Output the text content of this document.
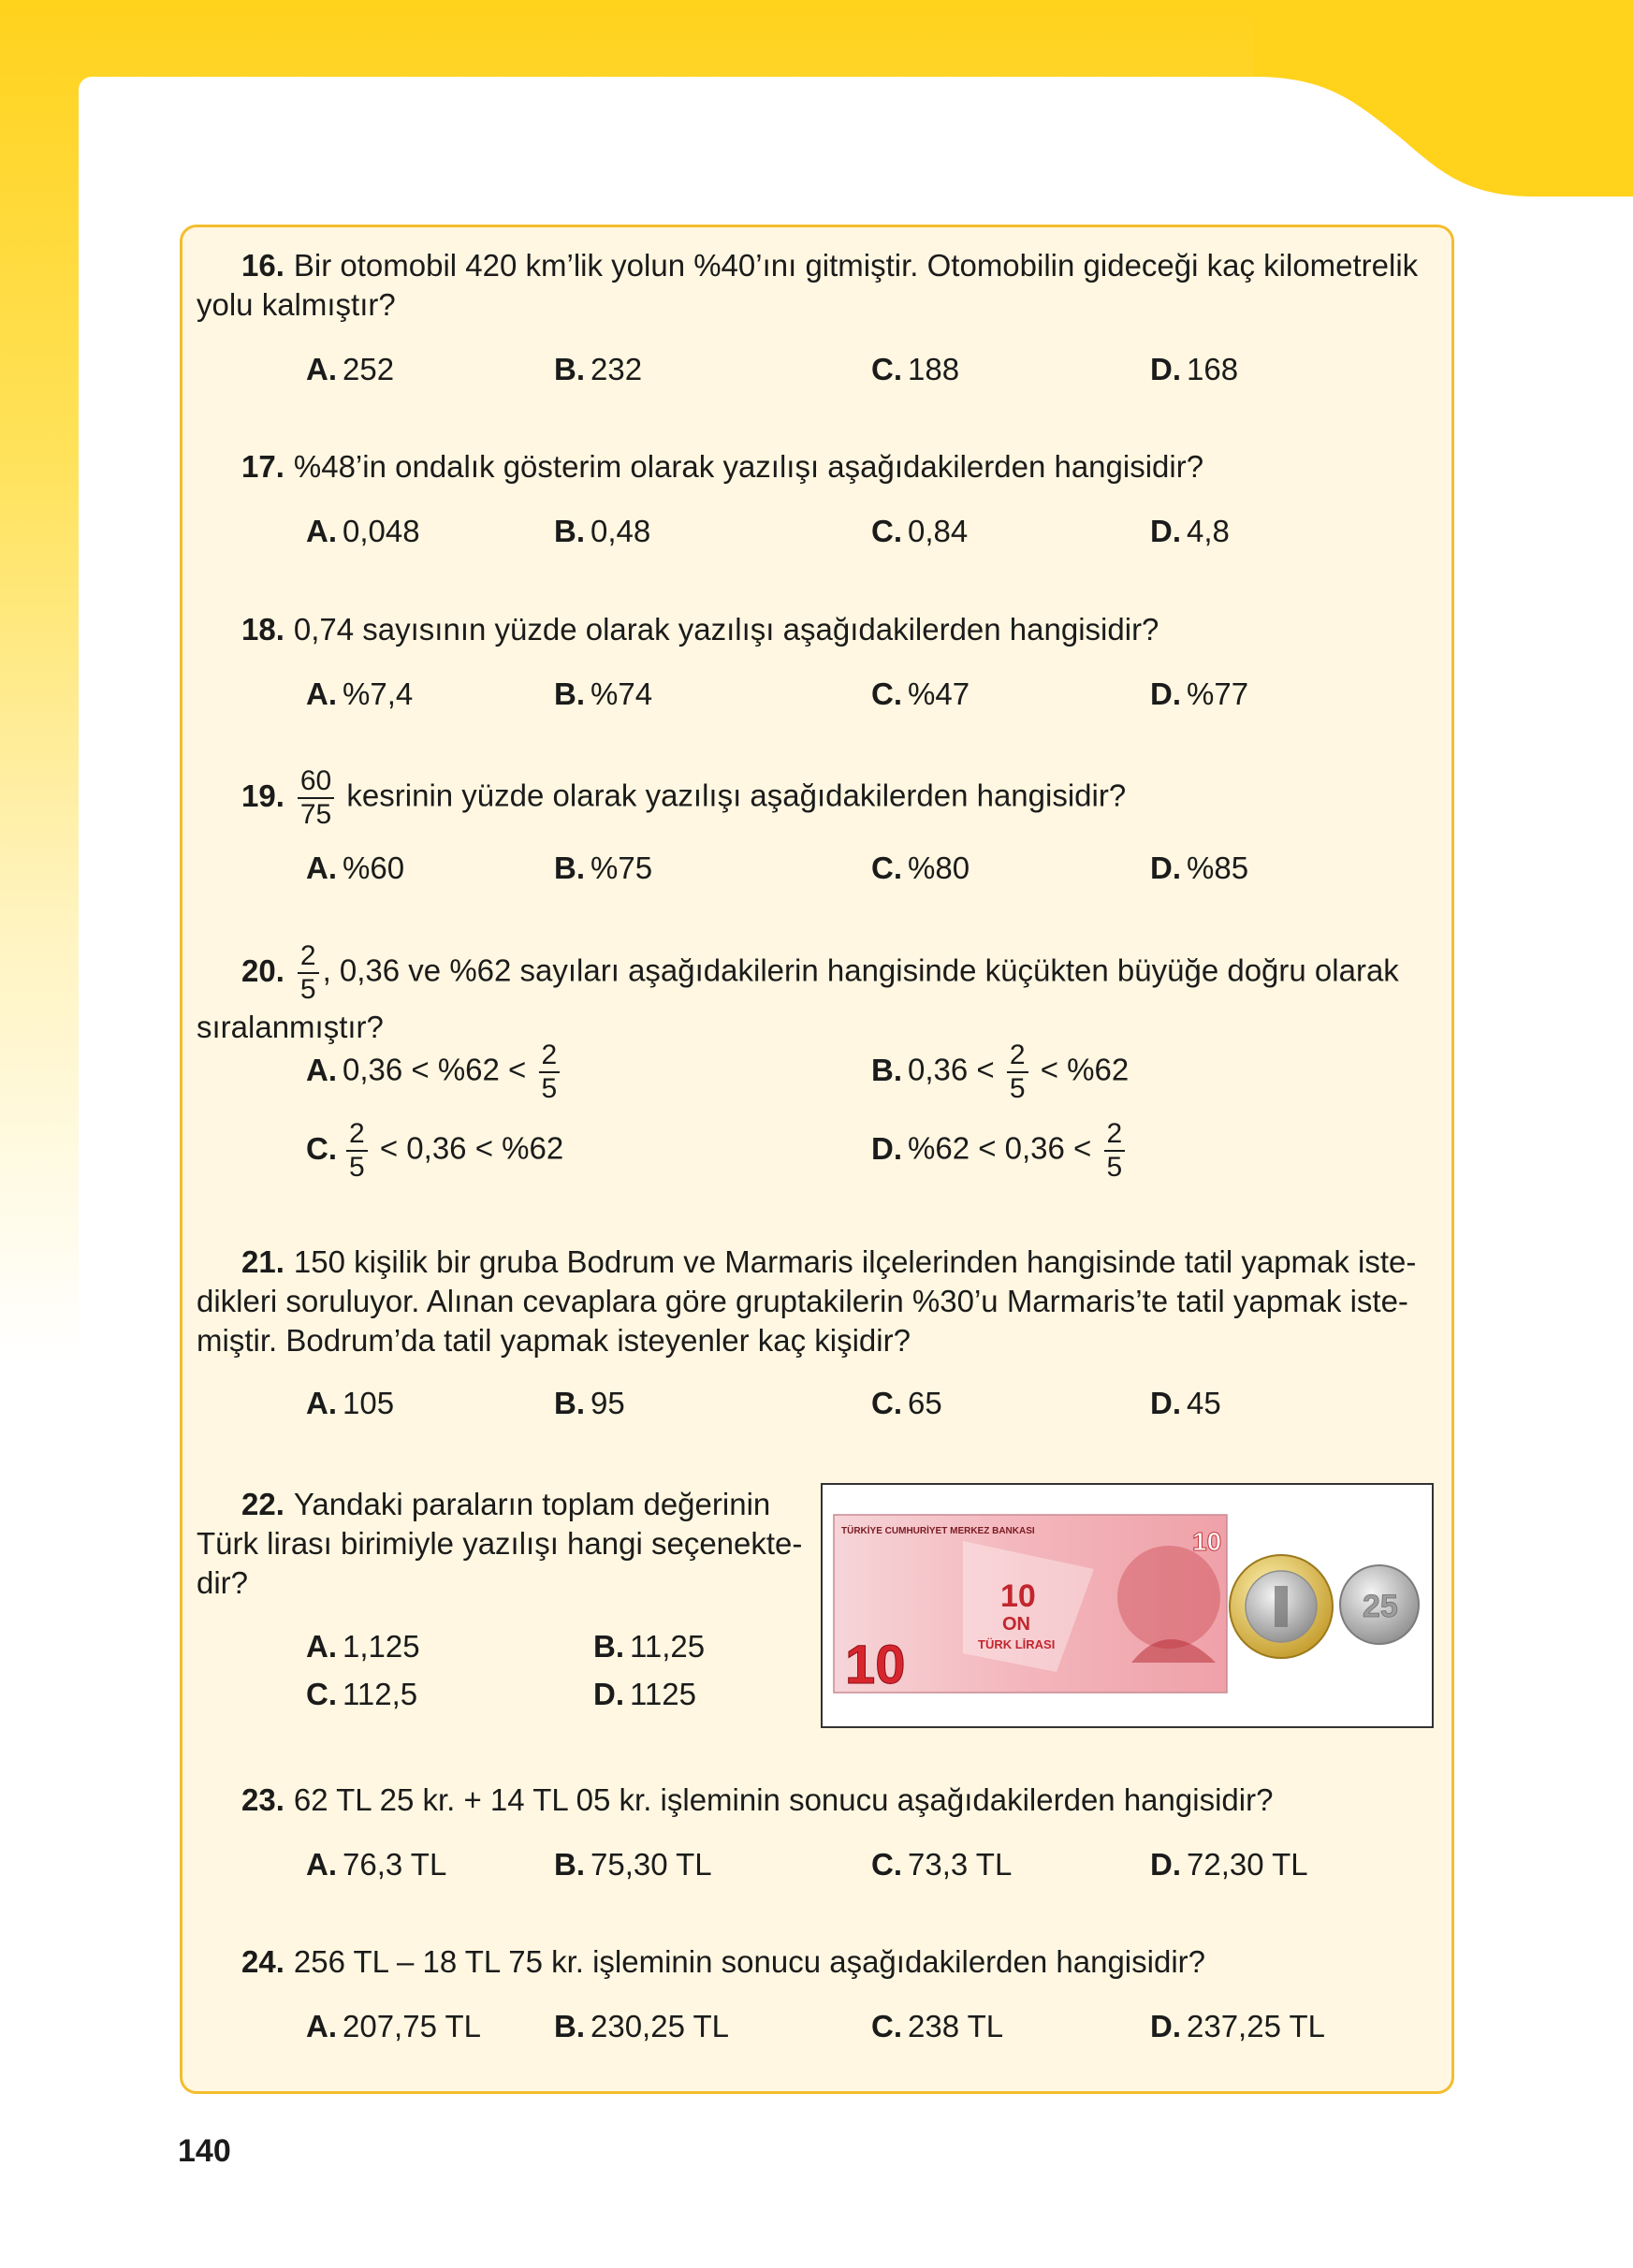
16. Bir otomobil 420 km’lik yolun %40’ını gitmiştir. Otomobilin gideceği kaç kilometrelik
yolu kalmıştır?
A. 252	B. 232	C. 188	D. 168
17. %48’in ondalık gösterim olarak yazılışı aşağıdakilerden hangisidir?
A. 0,048	B. 0,48	C. 0,84	D. 4,8
18. 0,74 sayısının yüzde olarak yazılışı aşağıdakilerden hangisidir?
A. %7,4	B. %74	C. %47	D. %77
19. $\frac{60}{75}$ kesrinin yüzde olarak yazılışı aşağıdakilerden hangisidir?
A. %60	B. %75	C. %80	D. %85
20. $\frac{2}{5}$ , 0,36 ve %62 sayıları aşağıdakilerin hangisinde küçükten büyüğe doğru olarak
sıralanmıştır?
A. $0,36 < \%62 < \frac{2}{5}$	B. $0,36 < \frac{2}{5} < \%62$
C. $\frac{2}{5} < 0,36 < \%62$	D. $\%62 < 0,36 < \frac{2}{5}$
21. 150 kişilik bir gruba Bodrum ve Marmaris ilçelerinden hangisinde tatil yapmak iste-
dikleri soruluyor. Alınan cevaplara göre gruptakilerin %30’u Marmaris’te tatil yapmak iste-
miştir. Bodrum’da tatil yapmak isteyenler kaç kişidir?
A. 105	B. 95	C. 65	D. 45
22. Yandaki paraların toplam değerinin
Türk lirası birimiyle yazılışı hangi seçenekte-
dir?
A. 1,125	B. 11,25
C. 112,5	D. 1125
TÜRKİYE CUMHURİYET MERKEZ BANKASI	10
10
ON
TÜRK LİRASI
10
25
23. 62 TL 25 kr. + 14 TL 05 kr. işleminin sonucu aşağıdakilerden hangisidir?
A. 76,3 TL	B. 75,30 TL	C. 73,3 TL	D. 72,30 TL
24. 256 TL – 18 TL 75 kr. işleminin sonucu aşağıdakilerden hangisidir?
A. 207,75 TL B. 230,25 TL	C. 238 TL	D. 237,25 TL
140
